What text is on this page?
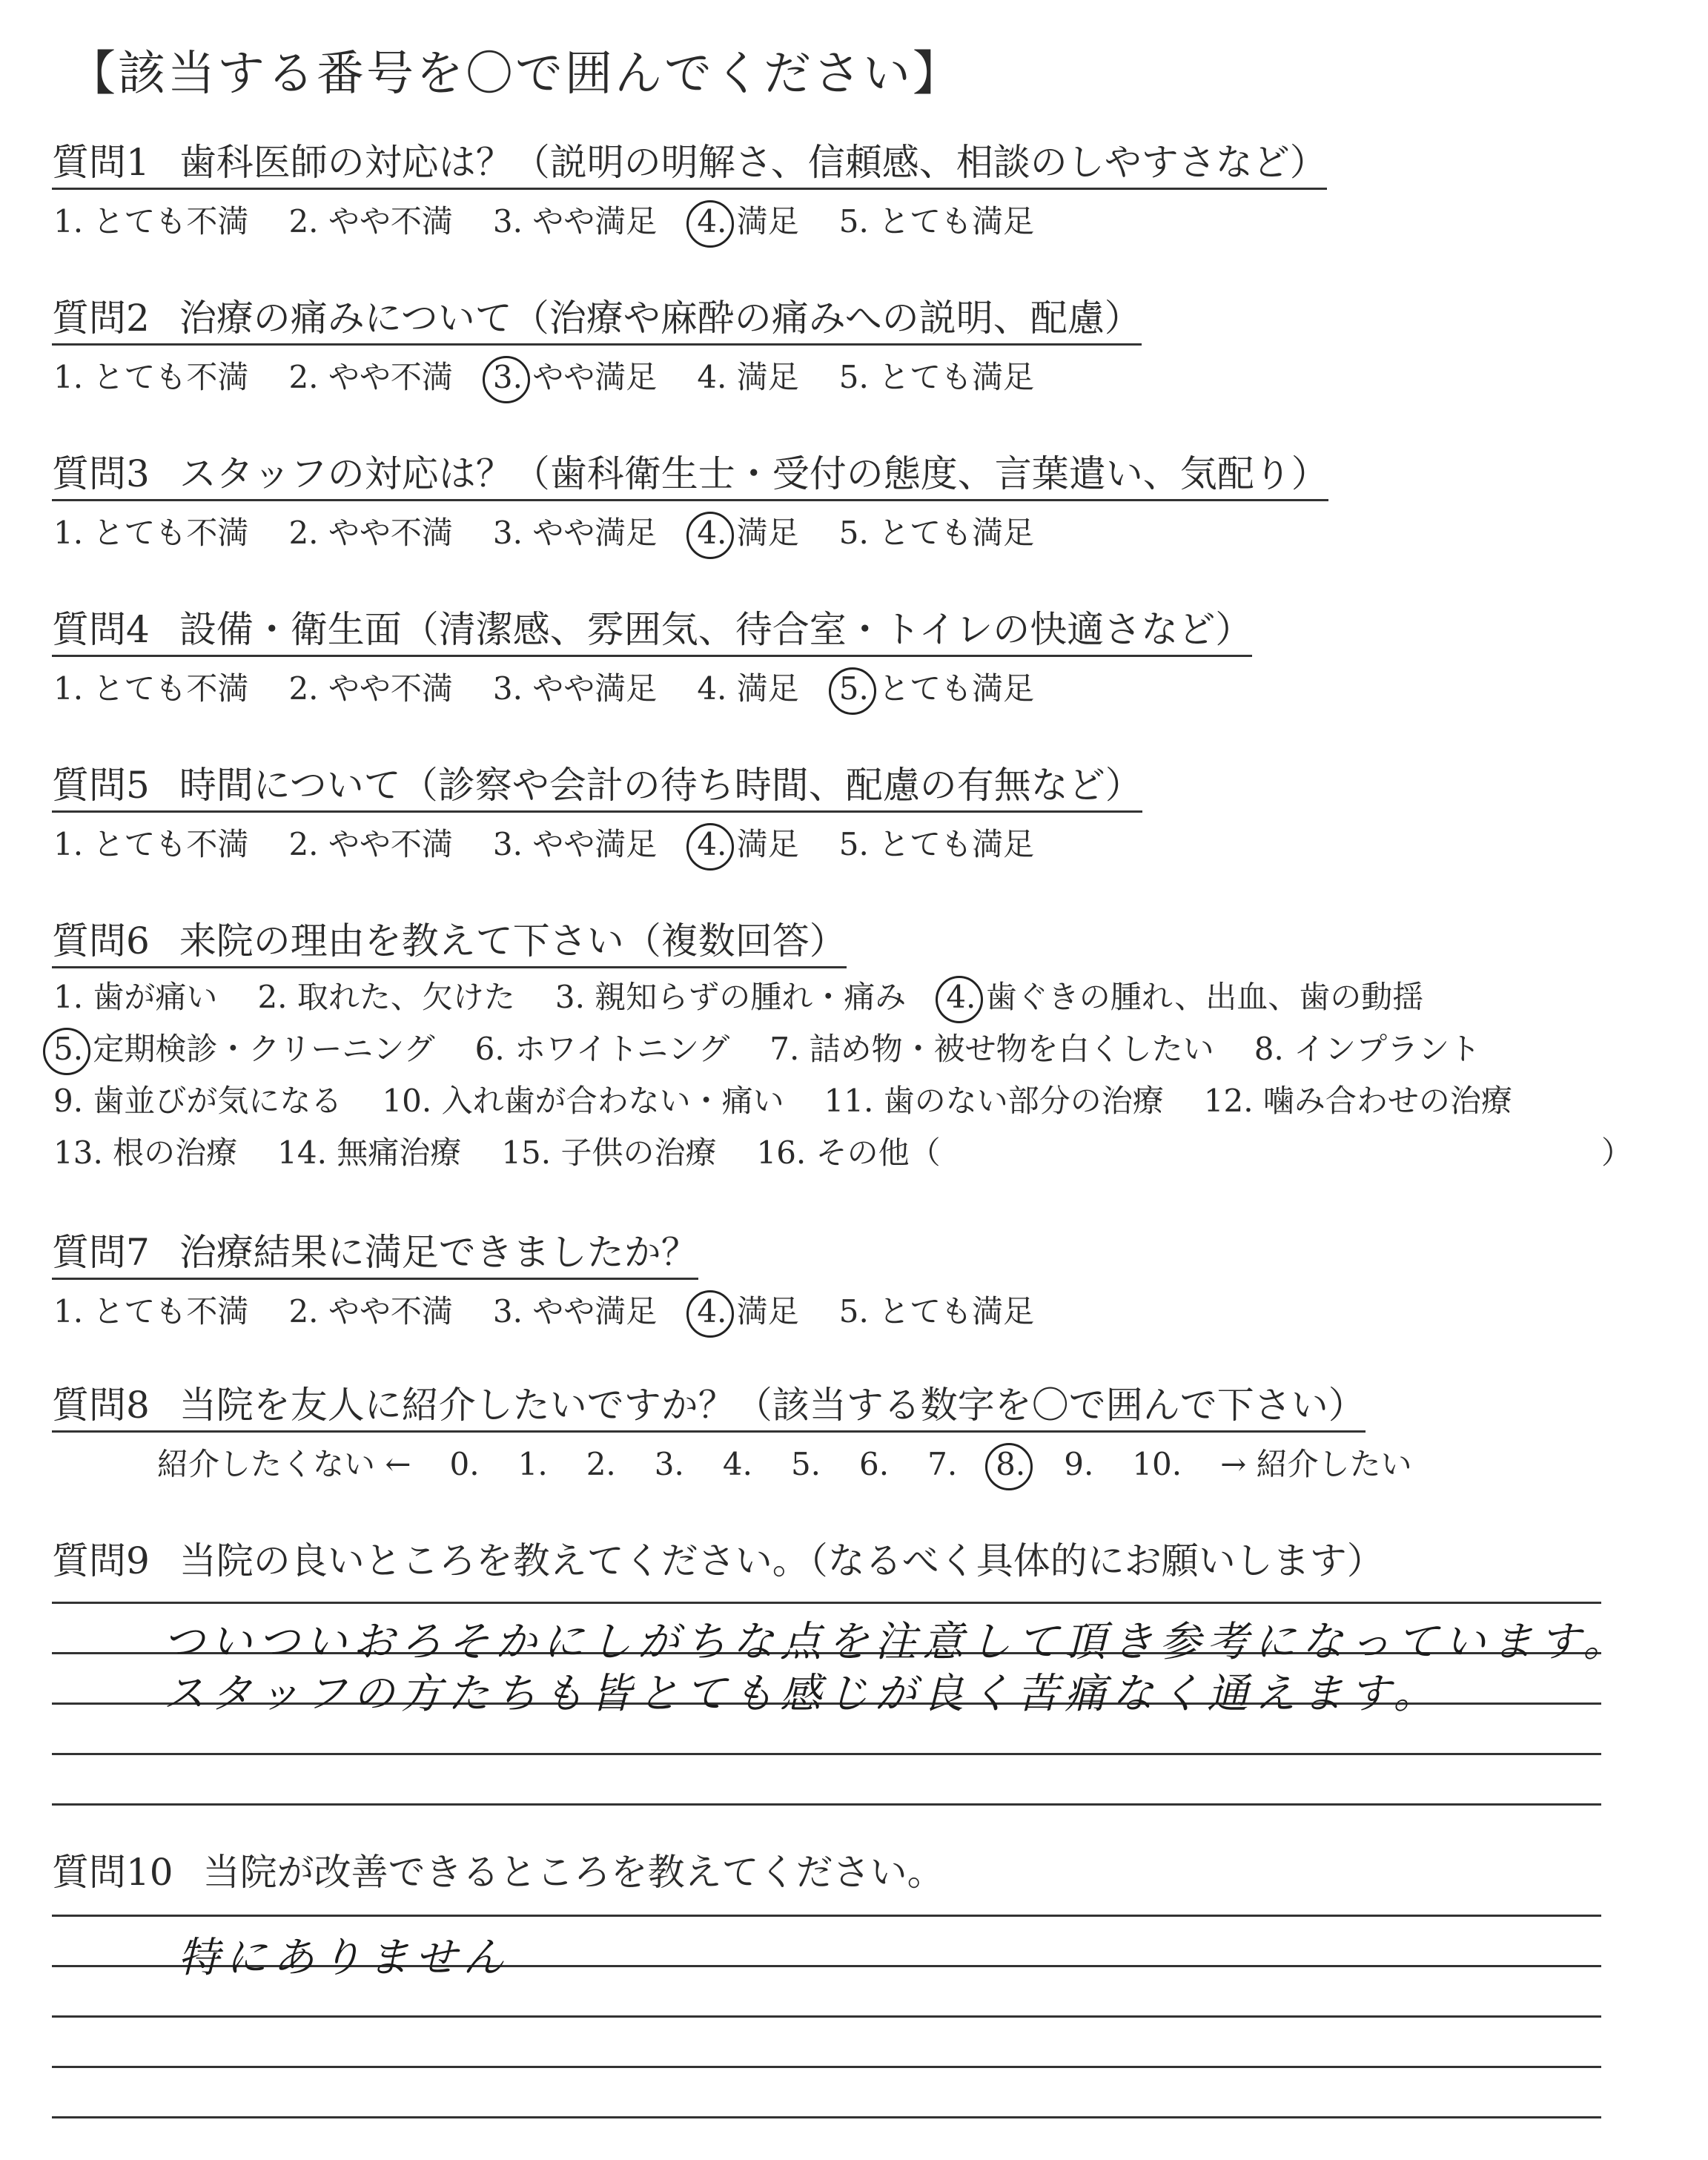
【該当する番号を〇で囲んでください】
質問1 歯科医師の対応は？（説明の明解さ、信頼感、相談のしやすさなど）
1. とても不満 2. やや不満 3. やや満足 4. 満足 5. とても満足
質問2 治療の痛みについて（治療や麻酔の痛みへの説明、配慮）
1. とても不満 2. やや不満 3. やや満足 4. 満足 5. とても満足
質問3 スタッフの対応は？（歯科衛生士・受付の態度、言葉遣い、気配り）
1. とても不満 2. やや不満 3. やや満足 4. 満足 5. とても満足
質問4 設備・衛生面（清潔感、雰囲気、待合室・トイレの快適さなど）
1. とても不満 2. やや不満 3. やや満足 4. 満足 5. とても満足
質問5 時間について（診察や会計の待ち時間、配慮の有無など）
1. とても不満 2. やや不満 3. やや満足 4. 満足 5. とても満足
質問6 来院の理由を教えて下さい（複数回答）
1. 歯が痛い 2. 取れた、欠けた 3. 親知らずの腫れ・痛み 4. 歯ぐきの腫れ、出血、歯の動揺
5. 定期検診・クリーニング 6. ホワイトニング 7. 詰め物・被せ物を白くしたい 8. インプラント
9. 歯並びが気になる 10. 入れ歯が合わない・痛い 11. 歯のない部分の治療 12. 噛み合わせの治療
13. 根の治療 14. 無痛治療 15. 子供の治療 16. その他（	）
質問7 治療結果に満足できましたか？
1. とても不満 2. やや不満 3. やや満足 4. 満足 5. とても満足
質問8 当院を友人に紹介したいですか？（該当する数字を〇で囲んで下さい）
紹介したくない ← 0. 1. 2. 3. 4. 5. 6. 7. 8. 9. 10. → 紹介したい
質問9 当院の良いところを教えてください。（なるべく具体的にお願いします）
ついついおろそかにしがちな点を注意して頂き参考になっています。
スタッフの方たちも皆とても感じが良く苦痛なく通えます。
質問10 当院が改善できるところを教えてください。
特にありません
